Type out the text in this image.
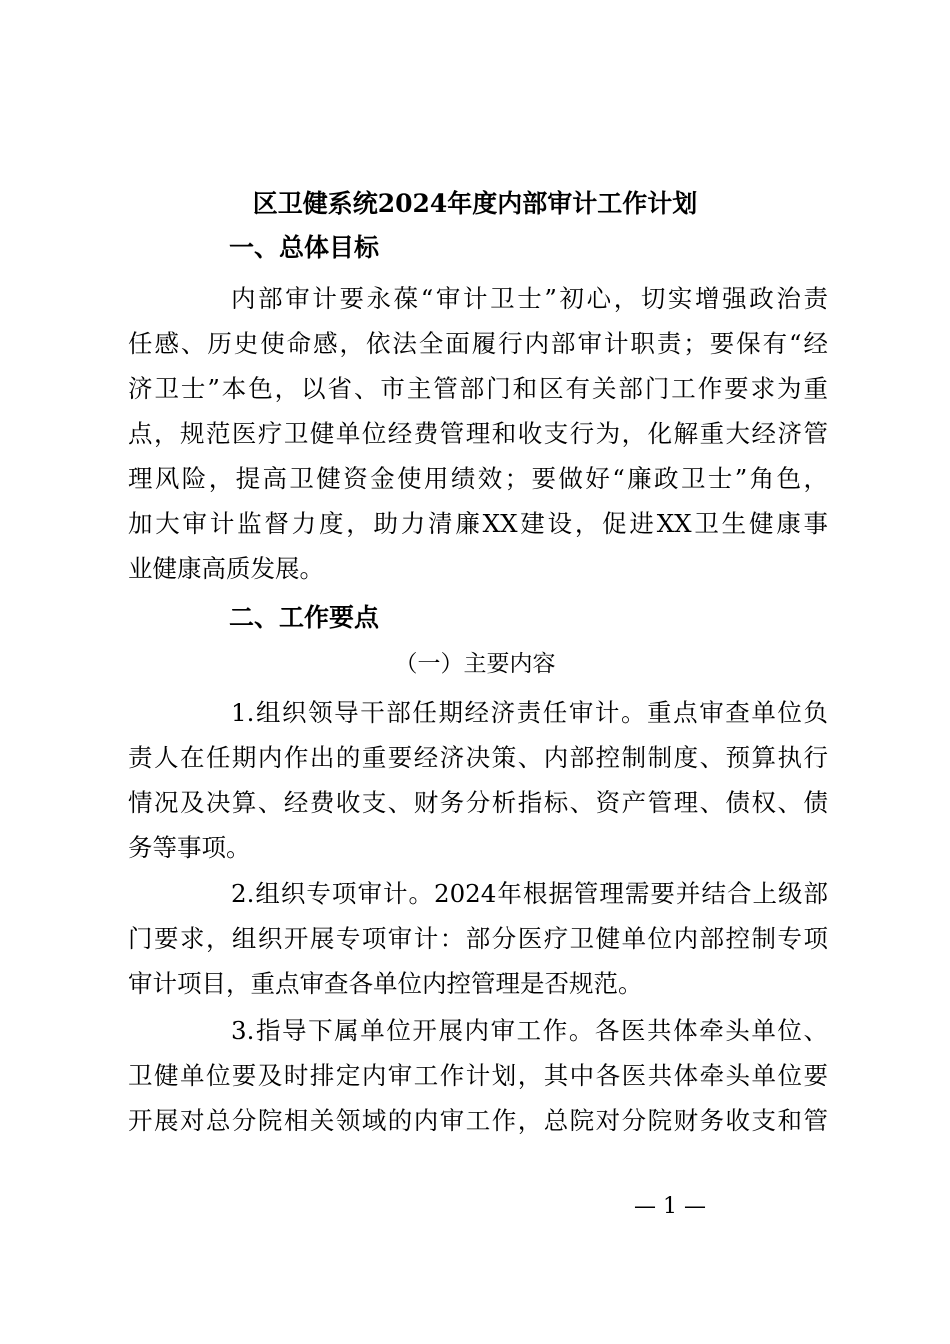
区卫健系统2024年度内部审计工作计划
一、总体目标
内部审计要永葆“审计卫士”初心，切实增强政治责
任感、历史使命感，依法全面履行内部审计职责；要保有“经
济卫士”本色，以省、市主管部门和区有关部门工作要求为重
点，规范医疗卫健单位经费管理和收支行为，化解重大经济管
理风险，提高卫健资金使用绩效；要做好“廉政卫士”角色，
加大审计监督力度，助力清廉XX建设，促进XX卫生健康事
业健康高质发展。
二、工作要点
（一）主要内容
1.组织领导干部任期经济责任审计。重点审查单位负
责人在任期内作出的重要经济决策、内部控制制度、预算执行
情况及决算、经费收支、财务分析指标、资产管理、债权、债
务等事项。
2.组织专项审计。2024年根据管理需要并结合上级部
门要求，组织开展专项审计：部分医疗卫健单位内部控制专项
审计项目，重点审查各单位内控管理是否规范。
3.指导下属单位开展内审工作。各医共体牵头单位、
卫健单位要及时排定内审工作计划，其中各医共体牵头单位要
开展对总分院相关领域的内审工作，总院对分院财务收支和管
— 1 —
